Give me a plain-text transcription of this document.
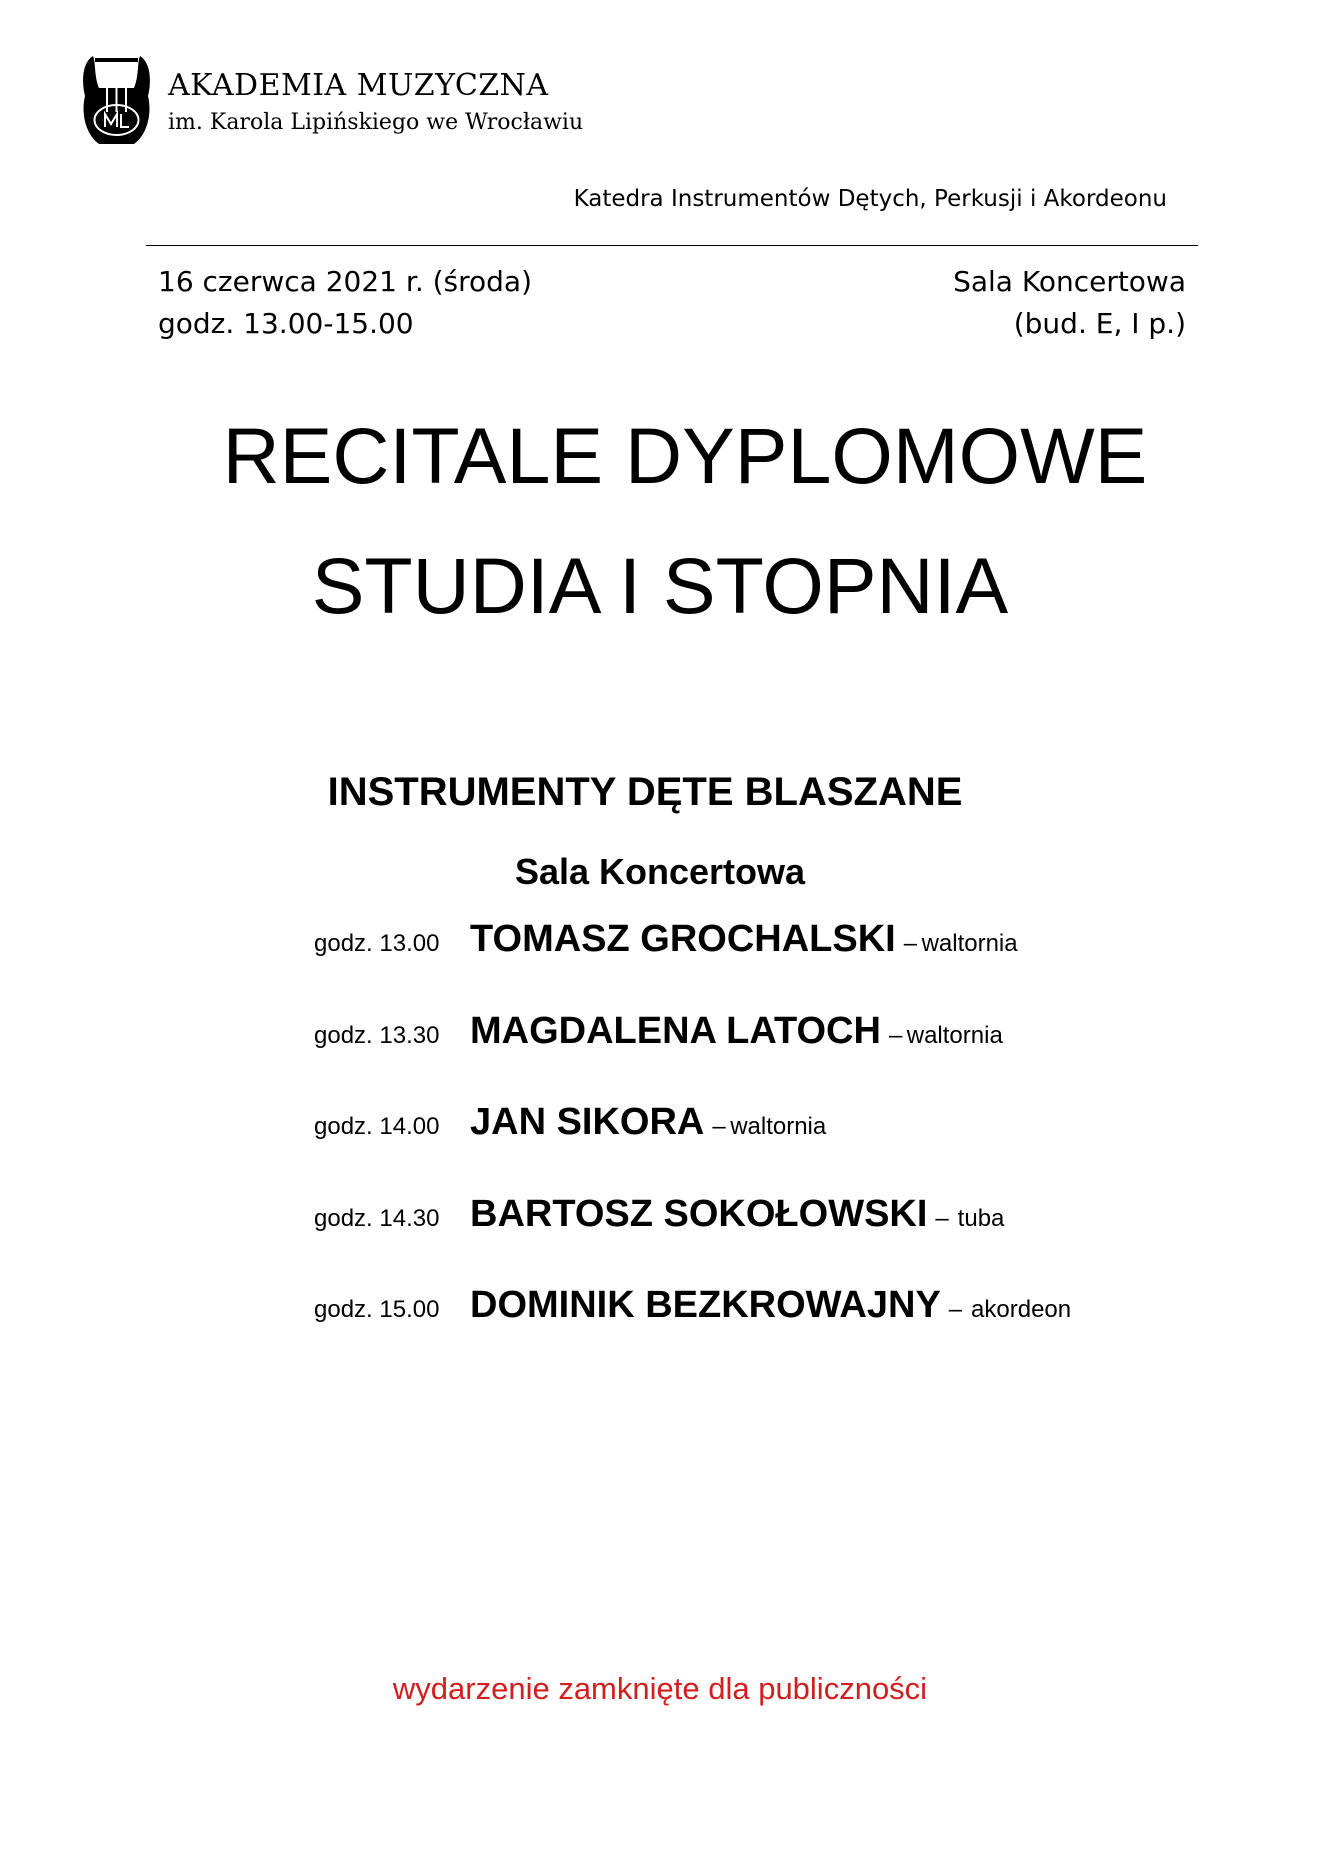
AKADEMIA MUZYCZNA
im. Karola Lipińskiego we Wrocławiu
Katedra Instrumentów Dętych, Perkusji i Akordeonu
16 czerwca 2021 r. (środa)
godz. 13.00-15.00
Sala Koncertowa
(bud. E, I p.)
RECITALE DYPLOMOWE
STUDIA I STOPNIA
INSTRUMENTY DĘTE BLASZANE
Sala Koncertowa
godz. 13.00 TOMASZ GROCHALSKI –
waltornia
godz. 13.30 MAGDALENA LATOCH –
waltornia
godz. 14.00 JAN SIKORA –
waltornia
godz. 14.30 BARTOSZ SOKOŁOWSKI –
tuba
godz. 15.00 DOMINIK BEZKROWAJNY –
akordeon
wydarzenie zamknięte dla publiczności
